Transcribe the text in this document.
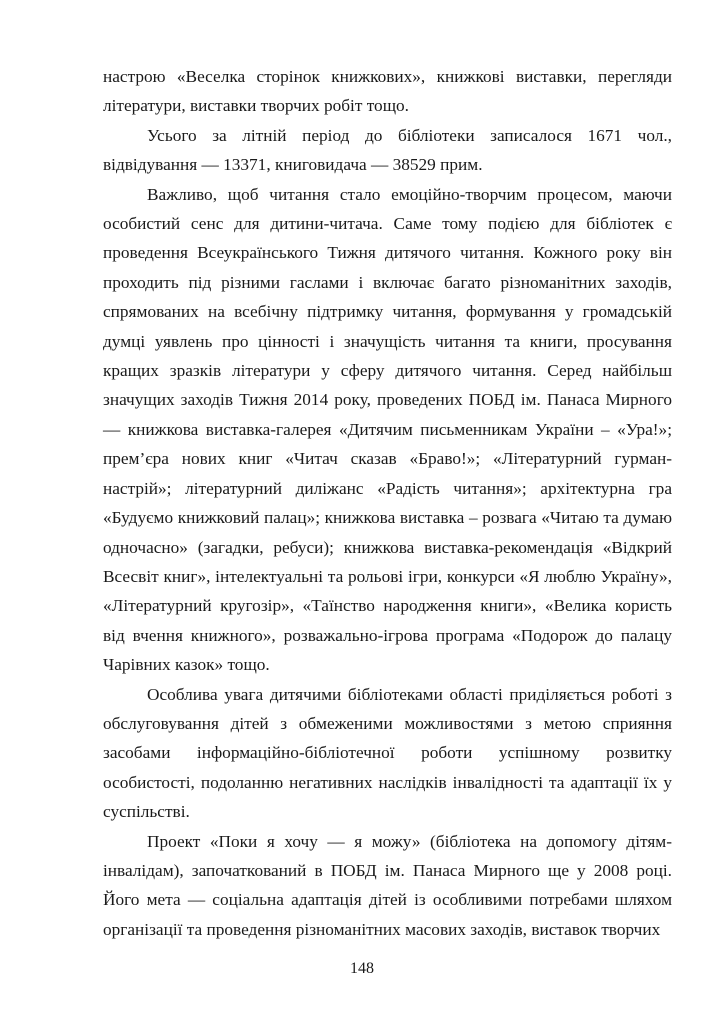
настрою «Веселка сторінок книжкових», книжкові виставки, перегляди літератури, виставки творчих робіт тощо.

Усього за літній період до бібліотеки записалося 1671 чол., відвідування — 13371, книговидача — 38529 прим.

Важливо, щоб читання стало емоційно-творчим процесом, маючи особистий сенс для дитини-читача. Саме тому подією для бібліотек є проведення Всеукраїнського Тижня дитячого читання. Кожного року він проходить під різними гаслами і включає багато різноманітних заходів, спрямованих на всебічну підтримку читання, формування у громадській думці уявлень про цінності і значущість читання та книги, просування кращих зразків літератури у сферу дитячого читання. Серед найбільш значущих заходів Тижня 2014 року, проведених ПОБД ім. Панаса Мирного — книжкова виставка-галерея «Дитячим письменникам України – «Ура!»; прем’єра нових книг «Читач сказав «Браво!»; «Літературний гурман-настрій»; літературний диліжанс «Радість читання»; архітектурна гра «Будуємо книжковий палац»; книжкова виставка – розвага «Читаю та думаю одночасно» (загадки, ребуси); книжкова виставка-рекомендація «Відкрий Всесвіт книг», інтелектуальні та рольові ігри, конкурси «Я люблю Україну», «Літературний кругозір», «Таїнство народження книги», «Велика користь від вчення книжного», розважально-ігрова програма «Подорож до палацу Чарівних казок» тощо.

Особлива увага дитячими бібліотеками області приділяється роботі з обслуговування дітей з обмеженими можливостями з метою сприяння засобами інформаційно-бібліотечної роботи успішному розвитку особистості, подоланню негативних наслідків інвалідності та адаптації їх у суспільстві.

Проект «Поки я хочу — я можу» (бібліотека на допомогу дітям-інвалідам), започаткований в ПОБД ім. Панаса Мирного ще у 2008 році. Його мета — соціальна адаптація дітей із особливими потребами шляхом організації та проведення різноманітних масових заходів, виставок творчих

148
